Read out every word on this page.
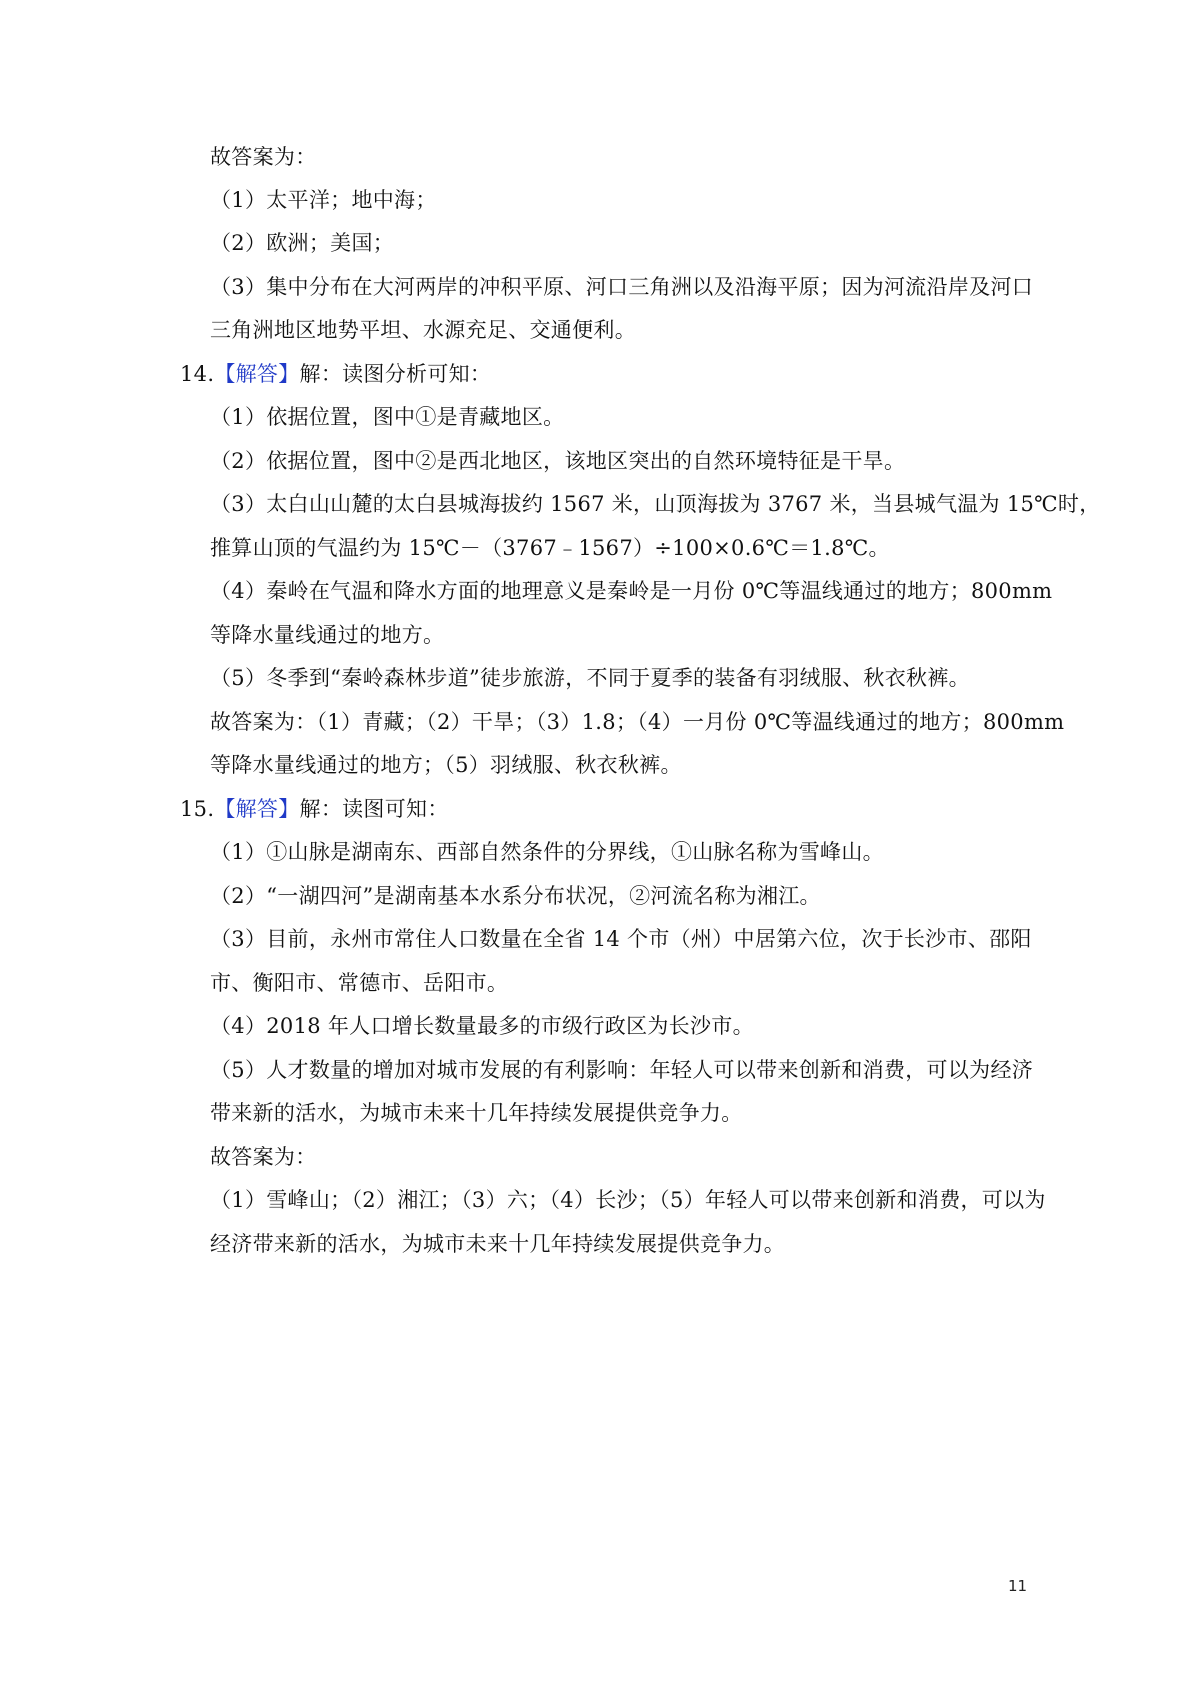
故答案为：
（1）太平洋；地中海；
（2）欧洲；美国；
（3）集中分布在大河两岸的冲积平原、河口三角洲以及沿海平原；因为河流沿岸及河口
三角洲地区地势平坦、水源充足、交通便利。
14.【解答】解：读图分析可知：
（1）依据位置，图中①是青藏地区。
（2）依据位置，图中②是西北地区，该地区突出的自然环境特征是干旱。
（3）太白山山麓的太白县城海拔约 1567 米，山顶海拔为 3767 米，当县城气温为 15℃时，
推算山顶的气温约为 15℃－（3767﹣1567）÷100×0.6℃＝1.8℃。
（4）秦岭在气温和降水方面的地理意义是秦岭是一月份 0℃等温线通过的地方；800mm
等降水量线通过的地方。
（5）冬季到“秦岭森林步道”徒步旅游，不同于夏季的装备有羽绒服、秋衣秋裤。
故答案为：（1）青藏；（2）干旱；（3）1.8；（4）一月份 0℃等温线通过的地方；800mm
等降水量线通过的地方；（5）羽绒服、秋衣秋裤。
15.【解答】解：读图可知：
（1）①山脉是湖南东、西部自然条件的分界线，①山脉名称为雪峰山。
（2）“一湖四河”是湖南基本水系分布状况，②河流名称为湘江。
（3）目前，永州市常住人口数量在全省 14 个市（州）中居第六位，次于长沙市、邵阳
市、衡阳市、常德市、岳阳市。
（4）2018 年人口增长数量最多的市级行政区为长沙市。
（5）人才数量的增加对城市发展的有利影响：年轻人可以带来创新和消费，可以为经济
带来新的活水，为城市未来十几年持续发展提供竞争力。
故答案为：
（1）雪峰山；（2）湘江；（3）六；（4）长沙；（5）年轻人可以带来创新和消费，可以为
经济带来新的活水，为城市未来十几年持续发展提供竞争力。
11
